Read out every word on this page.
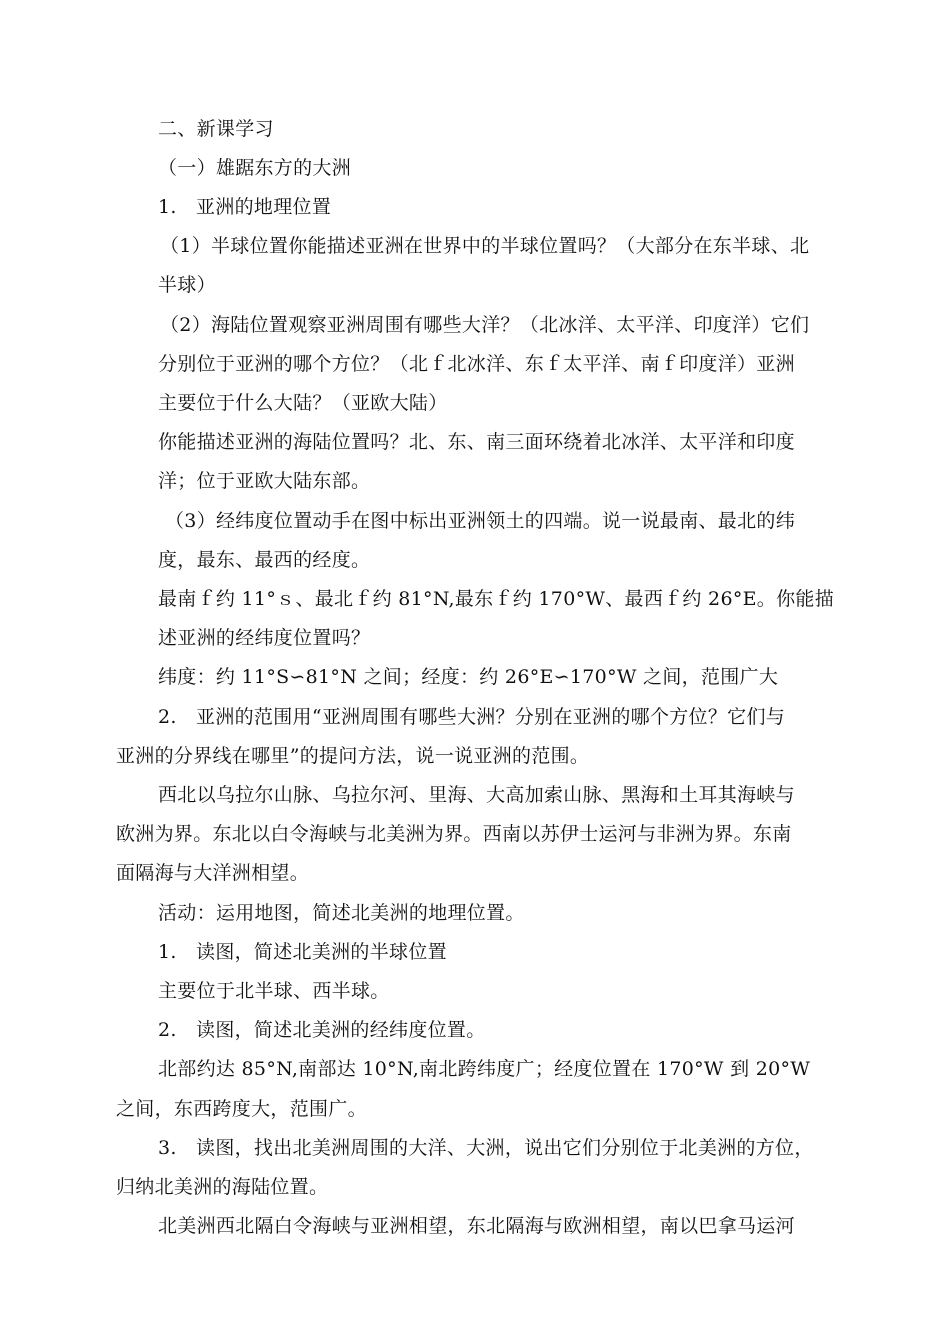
二、新课学习
（一）雄踞东方的大洲
1.　亚洲的地理位置
（1）半球位置你能描述亚洲在世界中的半球位置吗？（大部分在东半球、北
半球）
（2）海陆位置观察亚洲周围有哪些大洋？（北冰洋、太平洋、印度洋）它们
分别位于亚洲的哪个方位？（北ｆ北冰洋、东ｆ太平洋、南ｆ印度洋）亚洲
主要位于什么大陆？（亚欧大陆）
你能描述亚洲的海陆位置吗？北、东、南三面环绕着北冰洋、太平洋和印度
洋；位于亚欧大陆东部。
（3）经纬度位置动手在图中标出亚洲领土的四端。说一说最南、最北的纬
度，最东、最西的经度。
最南ｆ约 11°ｓ、最北ｆ约 81°N,最东ｆ约 170°W、最西ｆ约 26°E。你能描
述亚洲的经纬度位置吗？
纬度：约 11°S∽81°N 之间；经度：约 26°E∽170°W 之间，范围广大
2.　亚洲的范围用“亚洲周围有哪些大洲？分别在亚洲的哪个方位？它们与
亚洲的分界线在哪里”的提问方法，说一说亚洲的范围。
西北以乌拉尔山脉、乌拉尔河、里海、大高加索山脉、黑海和土耳其海峡与
欧洲为界。东北以白令海峡与北美洲为界。西南以苏伊士运河与非洲为界。东南
面隔海与大洋洲相望。
活动：运用地图，简述北美洲的地理位置。
1.　读图，简述北美洲的半球位置
主要位于北半球、西半球。
2.　读图，简述北美洲的经纬度位置。
北部约达 85°N,南部达 10°N,南北跨纬度广；经度位置在 170°W 到 20°W
之间，东西跨度大，范围广。
3.　读图，找出北美洲周围的大洋、大洲，说出它们分别位于北美洲的方位，
归纳北美洲的海陆位置。
北美洲西北隔白令海峡与亚洲相望，东北隔海与欧洲相望，南以巴拿马运河
